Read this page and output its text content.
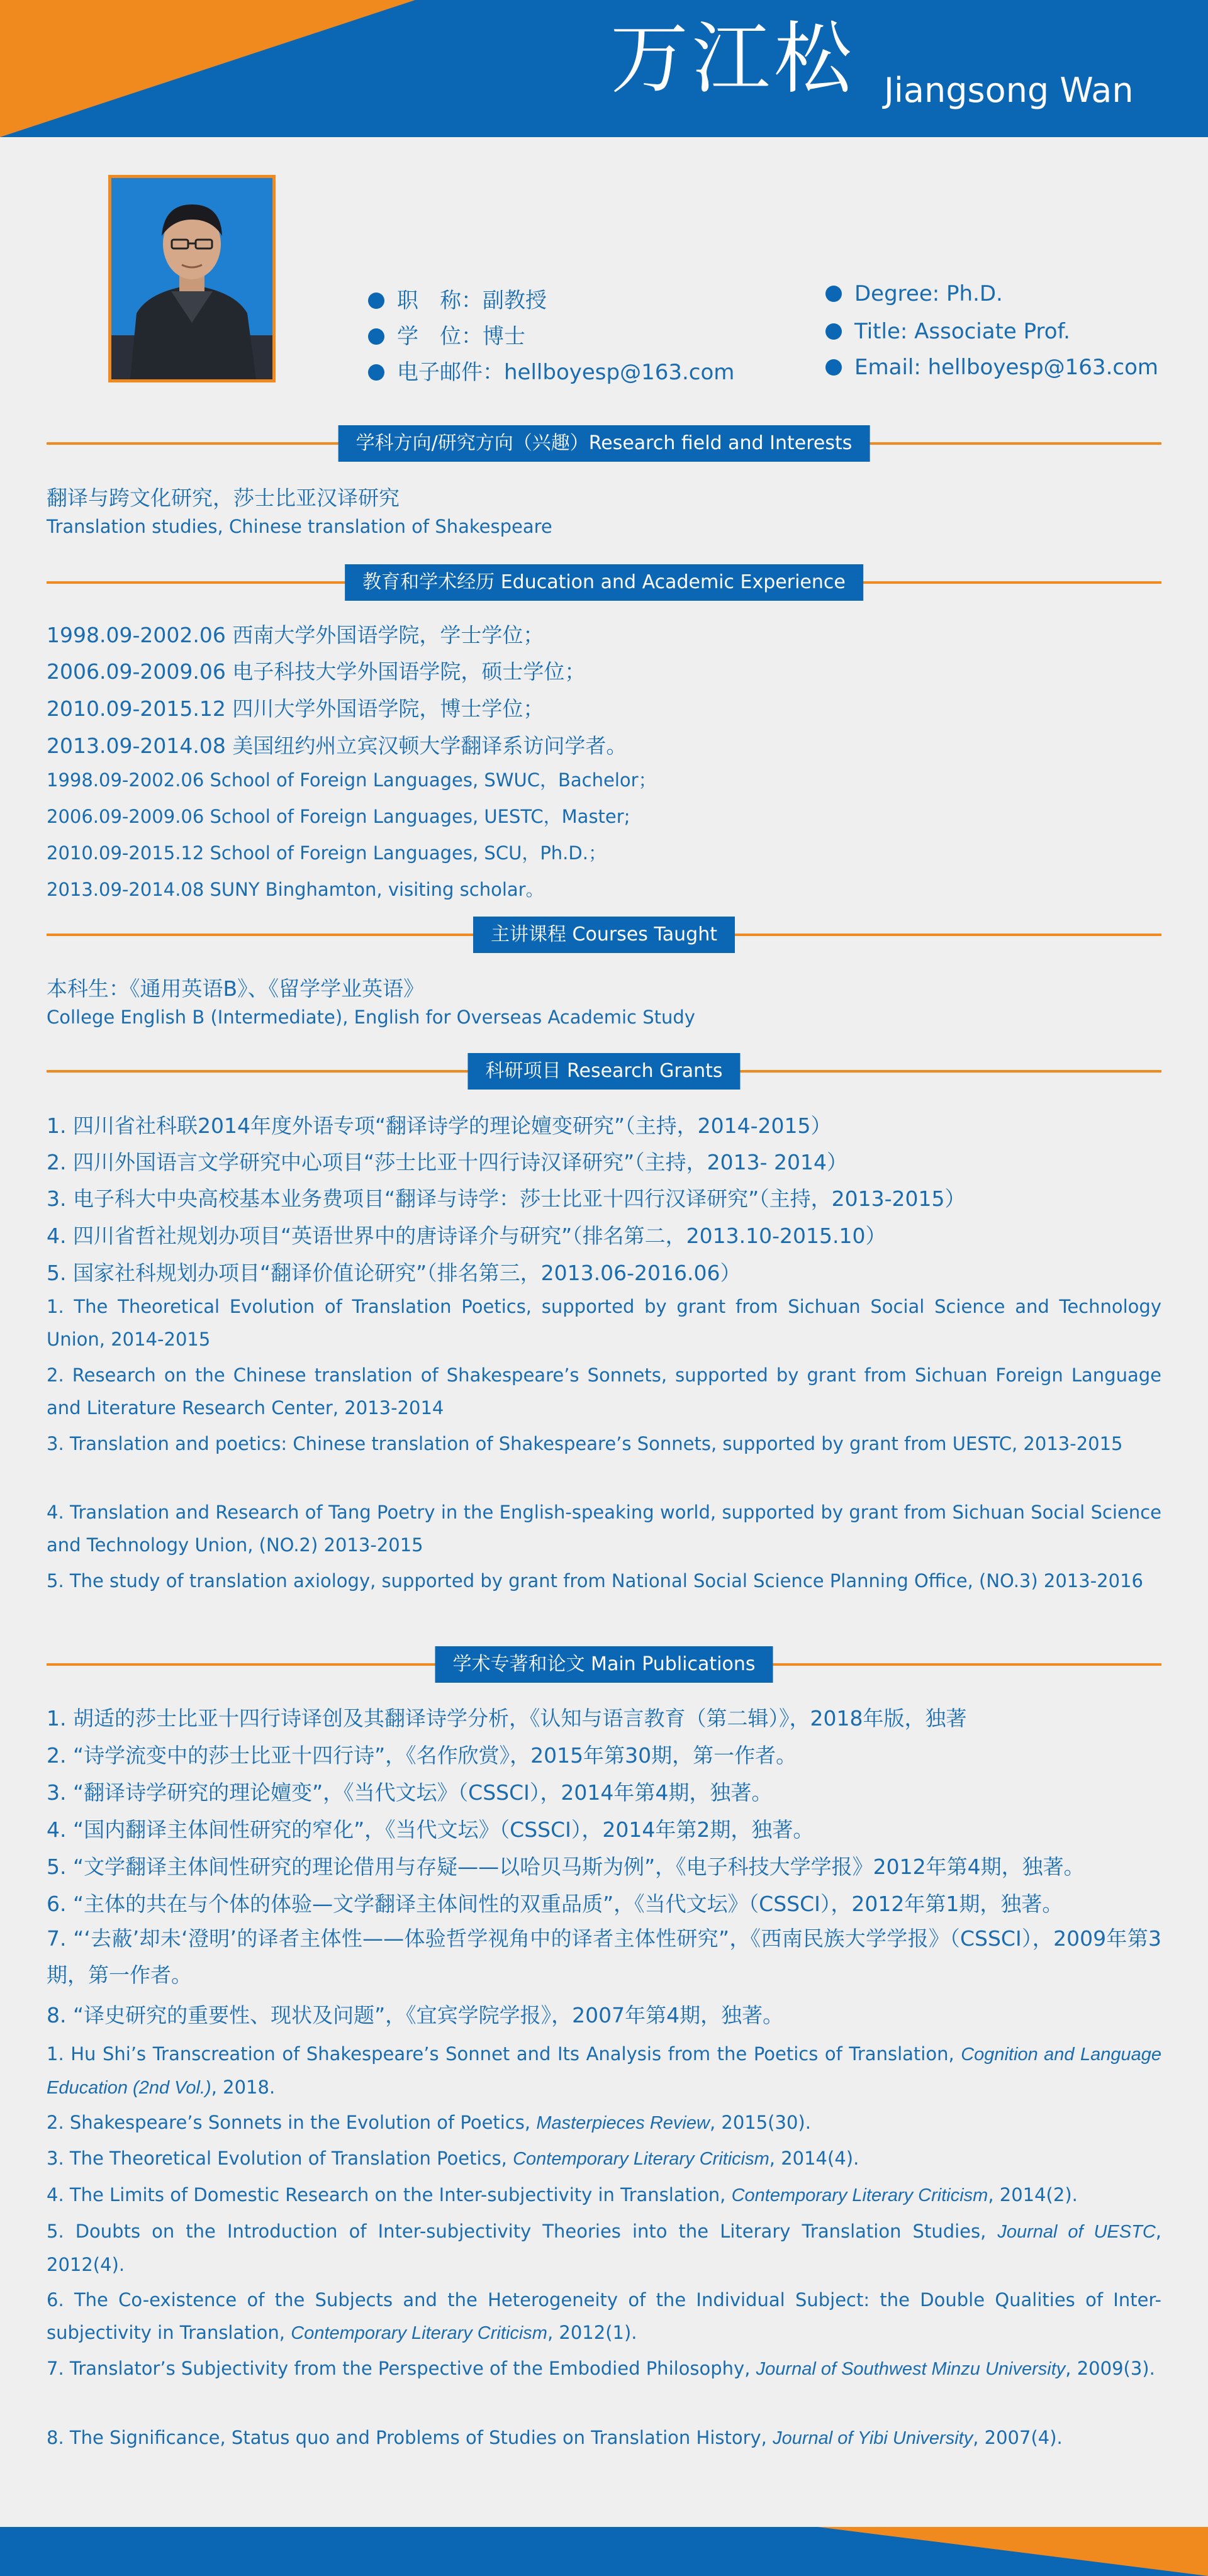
万江松 Jiangsong Wan
职　称：副教授
学　位：博士
电子邮件：hellboyesp@163.com
Degree: Ph.D.
Title: Associate Prof.
Email: hellboyesp@163.com
学科方向/研究方向（兴趣）Research field and Interests
翻译与跨文化研究，莎士比亚汉译研究
Translation studies, Chinese translation of Shakespeare
教育和学术经历 Education and Academic Experience
1998.09-2002.06 西南大学外国语学院，学士学位；
2006.09-2009.06 电子科技大学外国语学院，硕士学位；
2010.09-2015.12 四川大学外国语学院，博士学位；
2013.09-2014.08 美国纽约州立宾汉顿大学翻译系访问学者。
1998.09-2002.06 School of Foreign Languages, SWUC，Bachelor；
2006.09-2009.06 School of Foreign Languages, UESTC，Master;
2010.09-2015.12 School of Foreign Languages, SCU，Ph.D.；
2013.09-2014.08 SUNY Binghamton, visiting scholar。
主讲课程 Courses Taught
本科生：《通用英语B》、《留学学业英语》
College English B (Intermediate), English for Overseas Academic Study
科研项目 Research Grants
1. 四川省社科联2014年度外语专项“翻译诗学的理论嬗变研究”（主持，2014-2015）
2. 四川外国语言文学研究中心项目“莎士比亚十四行诗汉译研究”（主持，2013- 2014）
3. 电子科大中央高校基本业务费项目“翻译与诗学：莎士比亚十四行汉译研究”（主持，2013-2015）
4. 四川省哲社规划办项目“英语世界中的唐诗译介与研究”（排名第二，2013.10-2015.10）
5. 国家社科规划办项目“翻译价值论研究”（排名第三，2013.06-2016.06）
1. The Theoretical Evolution of Translation Poetics, supported by grant from Sichuan Social Science and Technology Union, 2014-2015
2. Research on the Chinese translation of Shakespeare’s Sonnets, supported by grant from Sichuan Foreign Language and Literature Research Center, 2013-2014
3. Translation and poetics: Chinese translation of Shakespeare’s Sonnets, supported by grant from UESTC, 2013-2015
4. Translation and Research of Tang Poetry in the English-speaking world, supported by grant from Sichuan Social Science and Technology Union, (NO.2) 2013-2015
5. The study of translation axiology, supported by grant from National Social Science Planning Office, (NO.3) 2013-2016
学术专著和论文 Main Publications
1. 胡适的莎士比亚十四行诗译创及其翻译诗学分析，《认知与语言教育（第二辑）》，2018年版，独著
2. “诗学流变中的莎士比亚十四行诗”，《名作欣赏》，2015年第30期，第一作者。
3. “翻译诗学研究的理论嬗变”，《当代文坛》（CSSCI），2014年第4期，独著。
4. “国内翻译主体间性研究的窄化”，《当代文坛》（CSSCI），2014年第2期，独著。
5. “文学翻译主体间性研究的理论借用与存疑——以哈贝马斯为例”，《电子科技大学学报》2012年第4期，独著。
6. “主体的共在与个体的体验—文学翻译主体间性的双重品质”，《当代文坛》（CSSCI），2012年第1期，独著。
7. “‘去蔽’却未‘澄明’的译者主体性——体验哲学视角中的译者主体性研究”，《西南民族大学学报》（CSSCI），2009年第3期，第一作者。
8. “译史研究的重要性、现状及问题”，《宜宾学院学报》，2007年第4期，独著。
1. Hu Shi’s Transcreation of Shakespeare’s Sonnet and Its Analysis from the Poetics of Translation, Cognition and Language Education (2nd Vol.), 2018.
2. Shakespeare’s Sonnets in the Evolution of Poetics, Masterpieces Review, 2015(30).
3. The Theoretical Evolution of Translation Poetics, Contemporary Literary Criticism, 2014(4).
4. The Limits of Domestic Research on the Inter-subjectivity in Translation, Contemporary Literary Criticism, 2014(2).
5. Doubts on the Introduction of Inter-subjectivity Theories into the Literary Translation Studies, Journal of UESTC, 2012(4).
6. The Co-existence of the Subjects and the Heterogeneity of the Individual Subject: the Double Qualities of Inter-subjectivity in Translation, Contemporary Literary Criticism, 2012(1).
7. Translator’s Subjectivity from the Perspective of the Embodied Philosophy, Journal of Southwest Minzu University, 2009(3).
8. The Significance, Status quo and Problems of Studies on Translation History, Journal of Yibi University, 2007(4).
